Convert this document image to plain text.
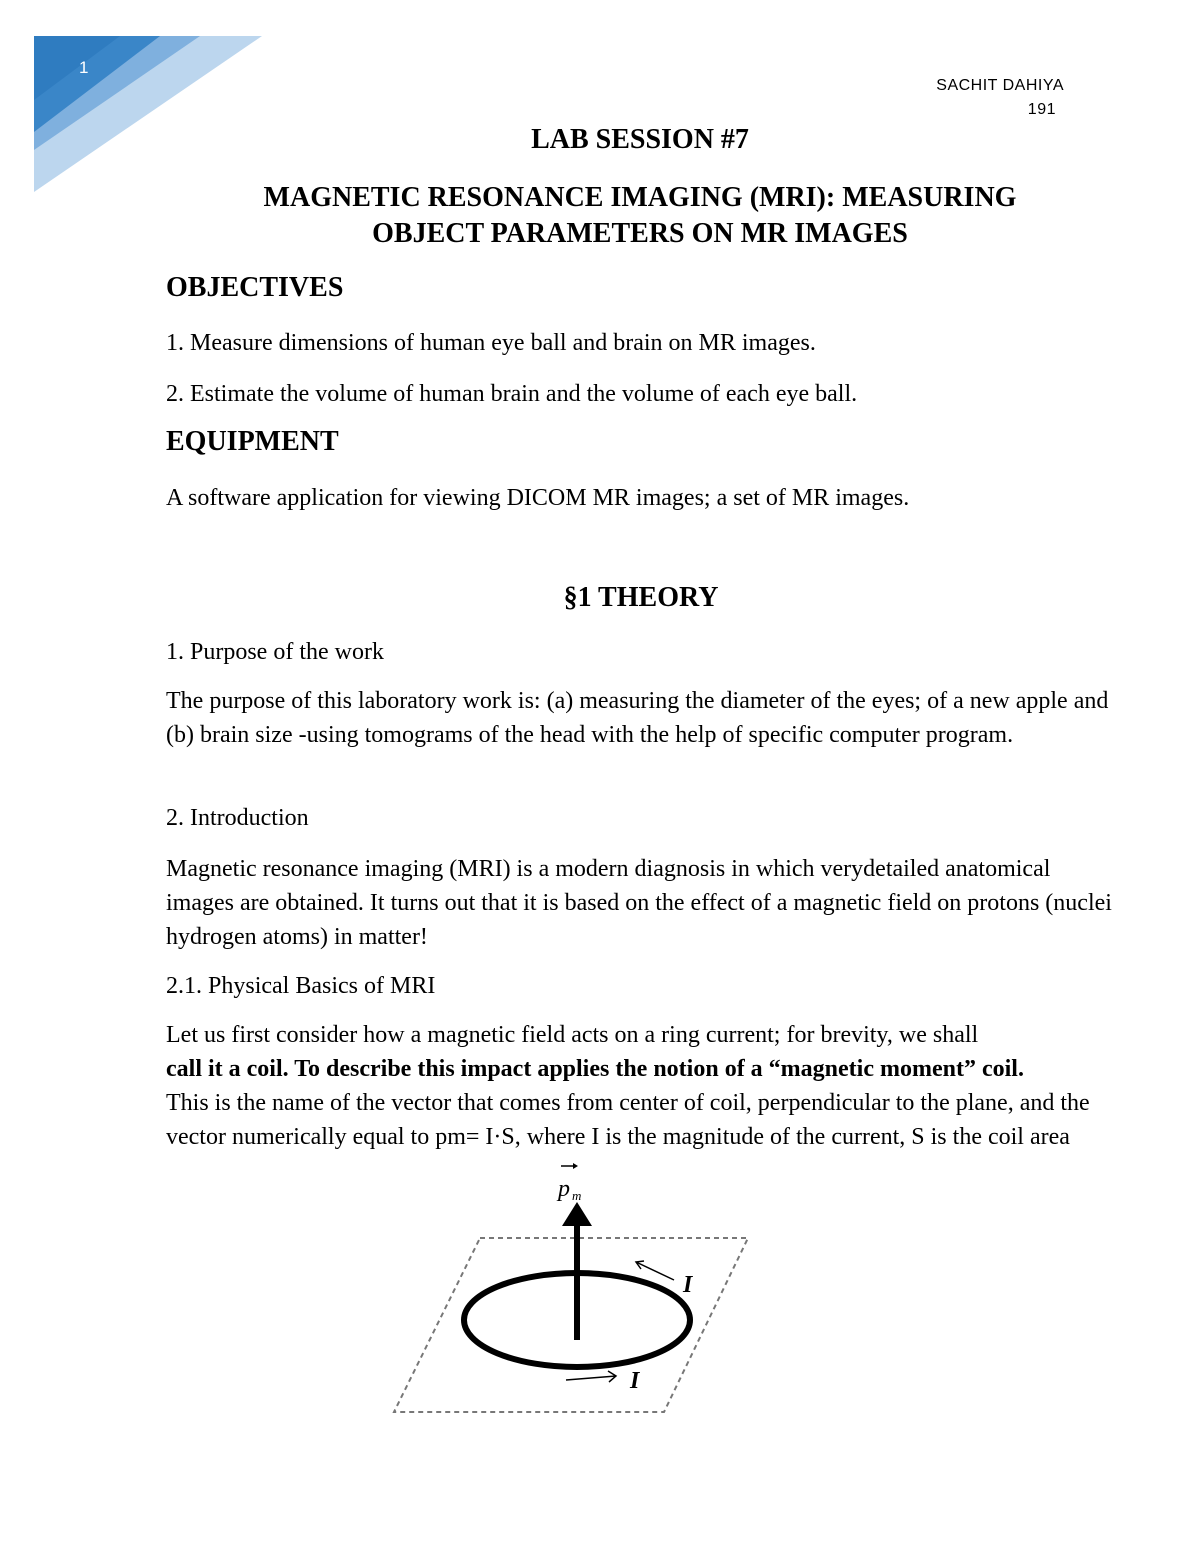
1
SACHIT DAHIYA
191
LAB SESSION #7
MAGNETIC RESONANCE IMAGING (MRI): MEASURING
OBJECT PARAMETERS ON MR IMAGES
OBJECTIVES
1. Measure dimensions of human eye ball and brain on MR images.
2. Estimate the volume of human brain and the volume of each eye ball.
EQUIPMENT
A software application for viewing DICOM MR images; a set of MR images.
§1 THEORY
1. Purpose of the work
The purpose of this laboratory work is: (a) measuring the diameter of the eyes; of a new apple and (b) brain size -using tomograms of the head with the help of specific computer program.
2. Introduction
Magnetic resonance imaging (MRI) is a modern diagnosis in which verydetailed anatomical images are obtained. It turns out that it is based on the effect of a magnetic field on protons (nuclei hydrogen atoms) in matter!
2.1. Physical Basics of MRI

Let us first consider how a magnetic field acts on a ring current; for brevity, we shall

call it a coil. To describe this impact applies the notion of a “magnetic moment” coil.

This is the name of the vector that comes from center of coil, perpendicular to the plane, and the vector numerically equal to pm= I·S, where I is the magnitude of the current, S is the coil area

p m
I
I
